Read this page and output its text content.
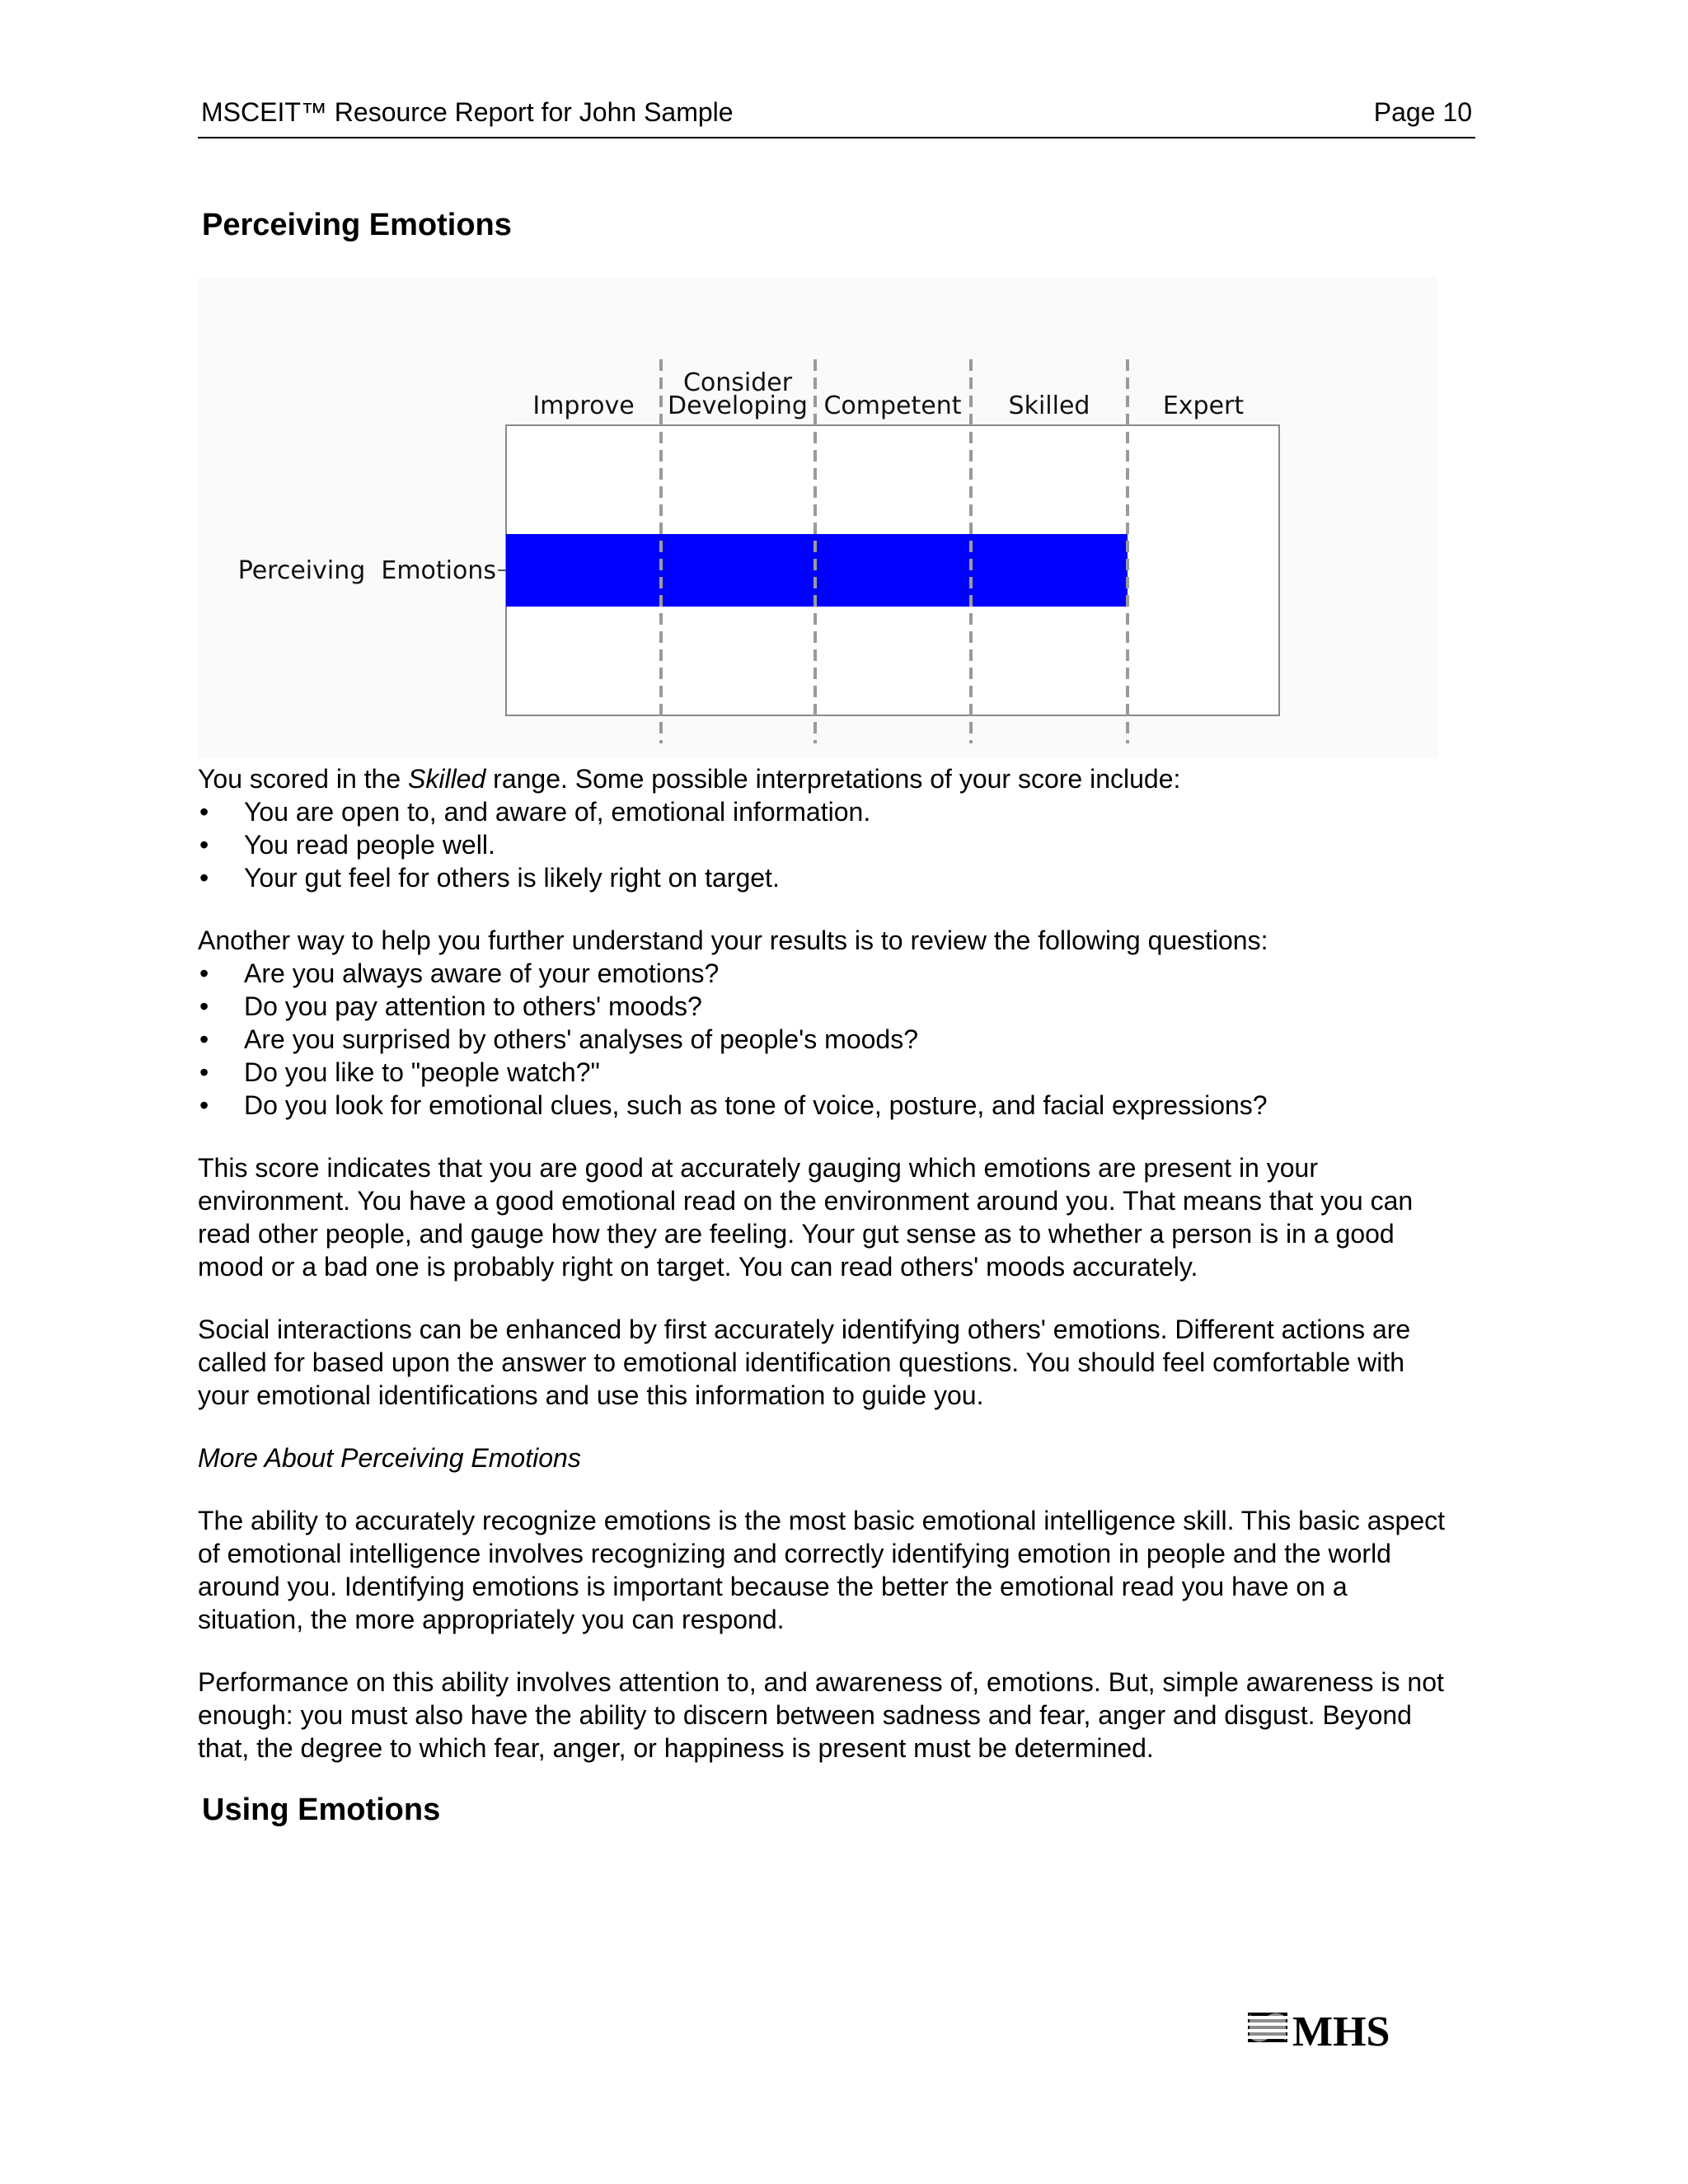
MSCEIT™ Resource Report for John Sample	Page 10
Perceiving Emotions
Improve
Consider
Developing Competent Skilled	Expert
Perceiving  Emotions

You scored in the Skilled range. Some possible interpretations of your score include:

• You are open to, and aware of, emotional information.
• You read people well.
• Your gut feel for others is likely right on target.

Another way to help you further understand your results is to review the following questions:

• Are you always aware of your emotions?
• Do you pay attention to others' moods?
• Are you surprised by others' analyses of people's moods?
• Do you like to "people watch?"
• Do you look for emotional clues, such as tone of voice, posture, and facial expressions?

This score indicates that you are good at accurately gauging which emotions are present in your environment. You have a good emotional read on the environment around you. That means that you can read other people, and gauge how they are feeling. Your gut sense as to whether a person is in a good mood or a bad one is probably right on target. You can read others' moods accurately.

Social interactions can be enhanced by first accurately identifying others' emotions. Different actions are called for based upon the answer to emotional identification questions. You should feel comfortable with your emotional identifications and use this information to guide you.

More About Perceiving Emotions

The ability to accurately recognize emotions is the most basic emotional intelligence skill. This basic aspect of emotional intelligence involves recognizing and correctly identifying emotion in people and the world around you. Identifying emotions is important because the better the emotional read you have on a situation, the more appropriately you can respond.

Performance on this ability involves attention to, and awareness of, emotions. But, simple awareness is not enough: you must also have the ability to discern between sadness and fear, anger and disgust. Beyond that, the degree to which fear, anger, or happiness is present must be determined.

Using Emotions
MHS
